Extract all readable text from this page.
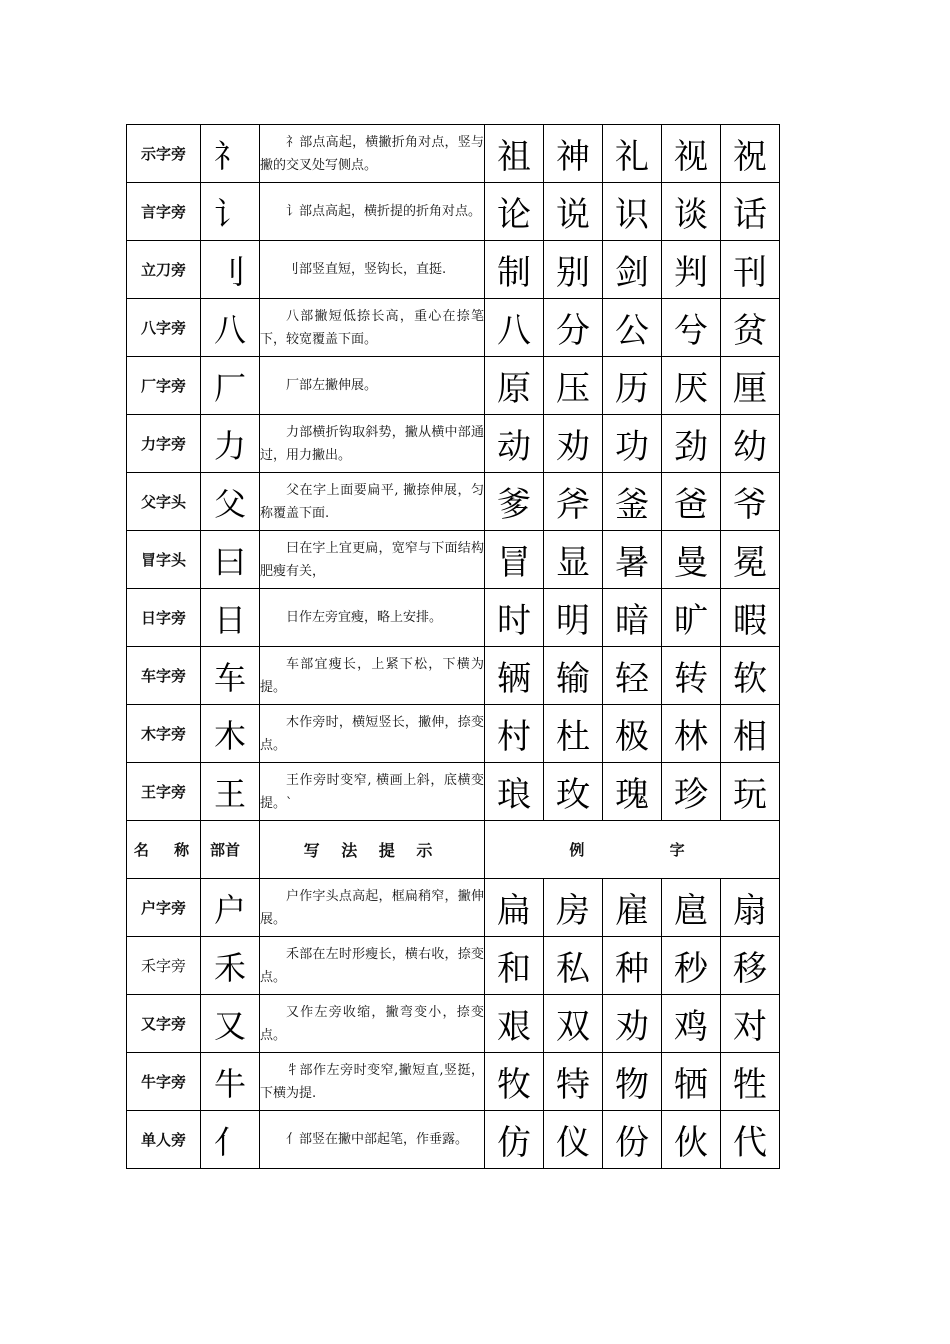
示字旁	礻	礻部点高起，横撇折角对点，竖与撇的交叉处写侧点。	祖	神	礼	视	祝
言字旁	讠	讠部点高起，横折提的折角对点。	论	说	识	谈	话
立刀旁	刂	刂部竖直短，竖钩长，直挺.	制	别	剑	判	刊
八字旁	八	八部撇短低捺长高，重心在捺笔下，较宽覆盖下面。	八	分	公	兮	贫
厂字旁	厂	厂部左撇伸展。	原	压	历	厌	厘
力字旁	力	力部横折钩取斜势，撇从横中部通过，用力撇出。	动	劝	功	劲	幼
父字头	父	父在字上面要扁平, 撇捺伸展，匀称覆盖下面.	爹	斧	釜	爸	爷
冒字头	曰	曰在字上宜更扁，宽窄与下面结构肥瘦有关，	冒	显	暑	曼	冕
日字旁	日	日作左旁宜瘦，略上安排。	时	明	暗	旷	暇
车字旁	车	车部宜瘦长，上紧下松，下横为提。	辆	输	轻	转	软
木字旁	木	木作旁时，横短竖长，撇伸，捺变点。	村	杜	极	林	相
王字旁	王	王作旁时变窄, 横画上斜，底横变提。`	琅	玫	瑰	珍	玩
名 称	部首	写 法 提 示	例 字				
户字旁	户	户作字头点高起，框扁稍窄，撇伸展。	扁	房	雇	扈	扇
禾字旁	禾	禾部在左时形瘦长，横右收，捺变点。	和	私	种	秒	移
又字旁	又	又作左旁收缩，撇弯变小，捺变点。	艰	双	劝	鸡	对
牛字旁	牛	牜部作左旁时变窄,撇短直,竖挺，下横为提.	牧	特	物	牺	牲
单人旁	亻	亻部竖在撇中部起笔，作垂露。	仿	仪	份	伙	代
